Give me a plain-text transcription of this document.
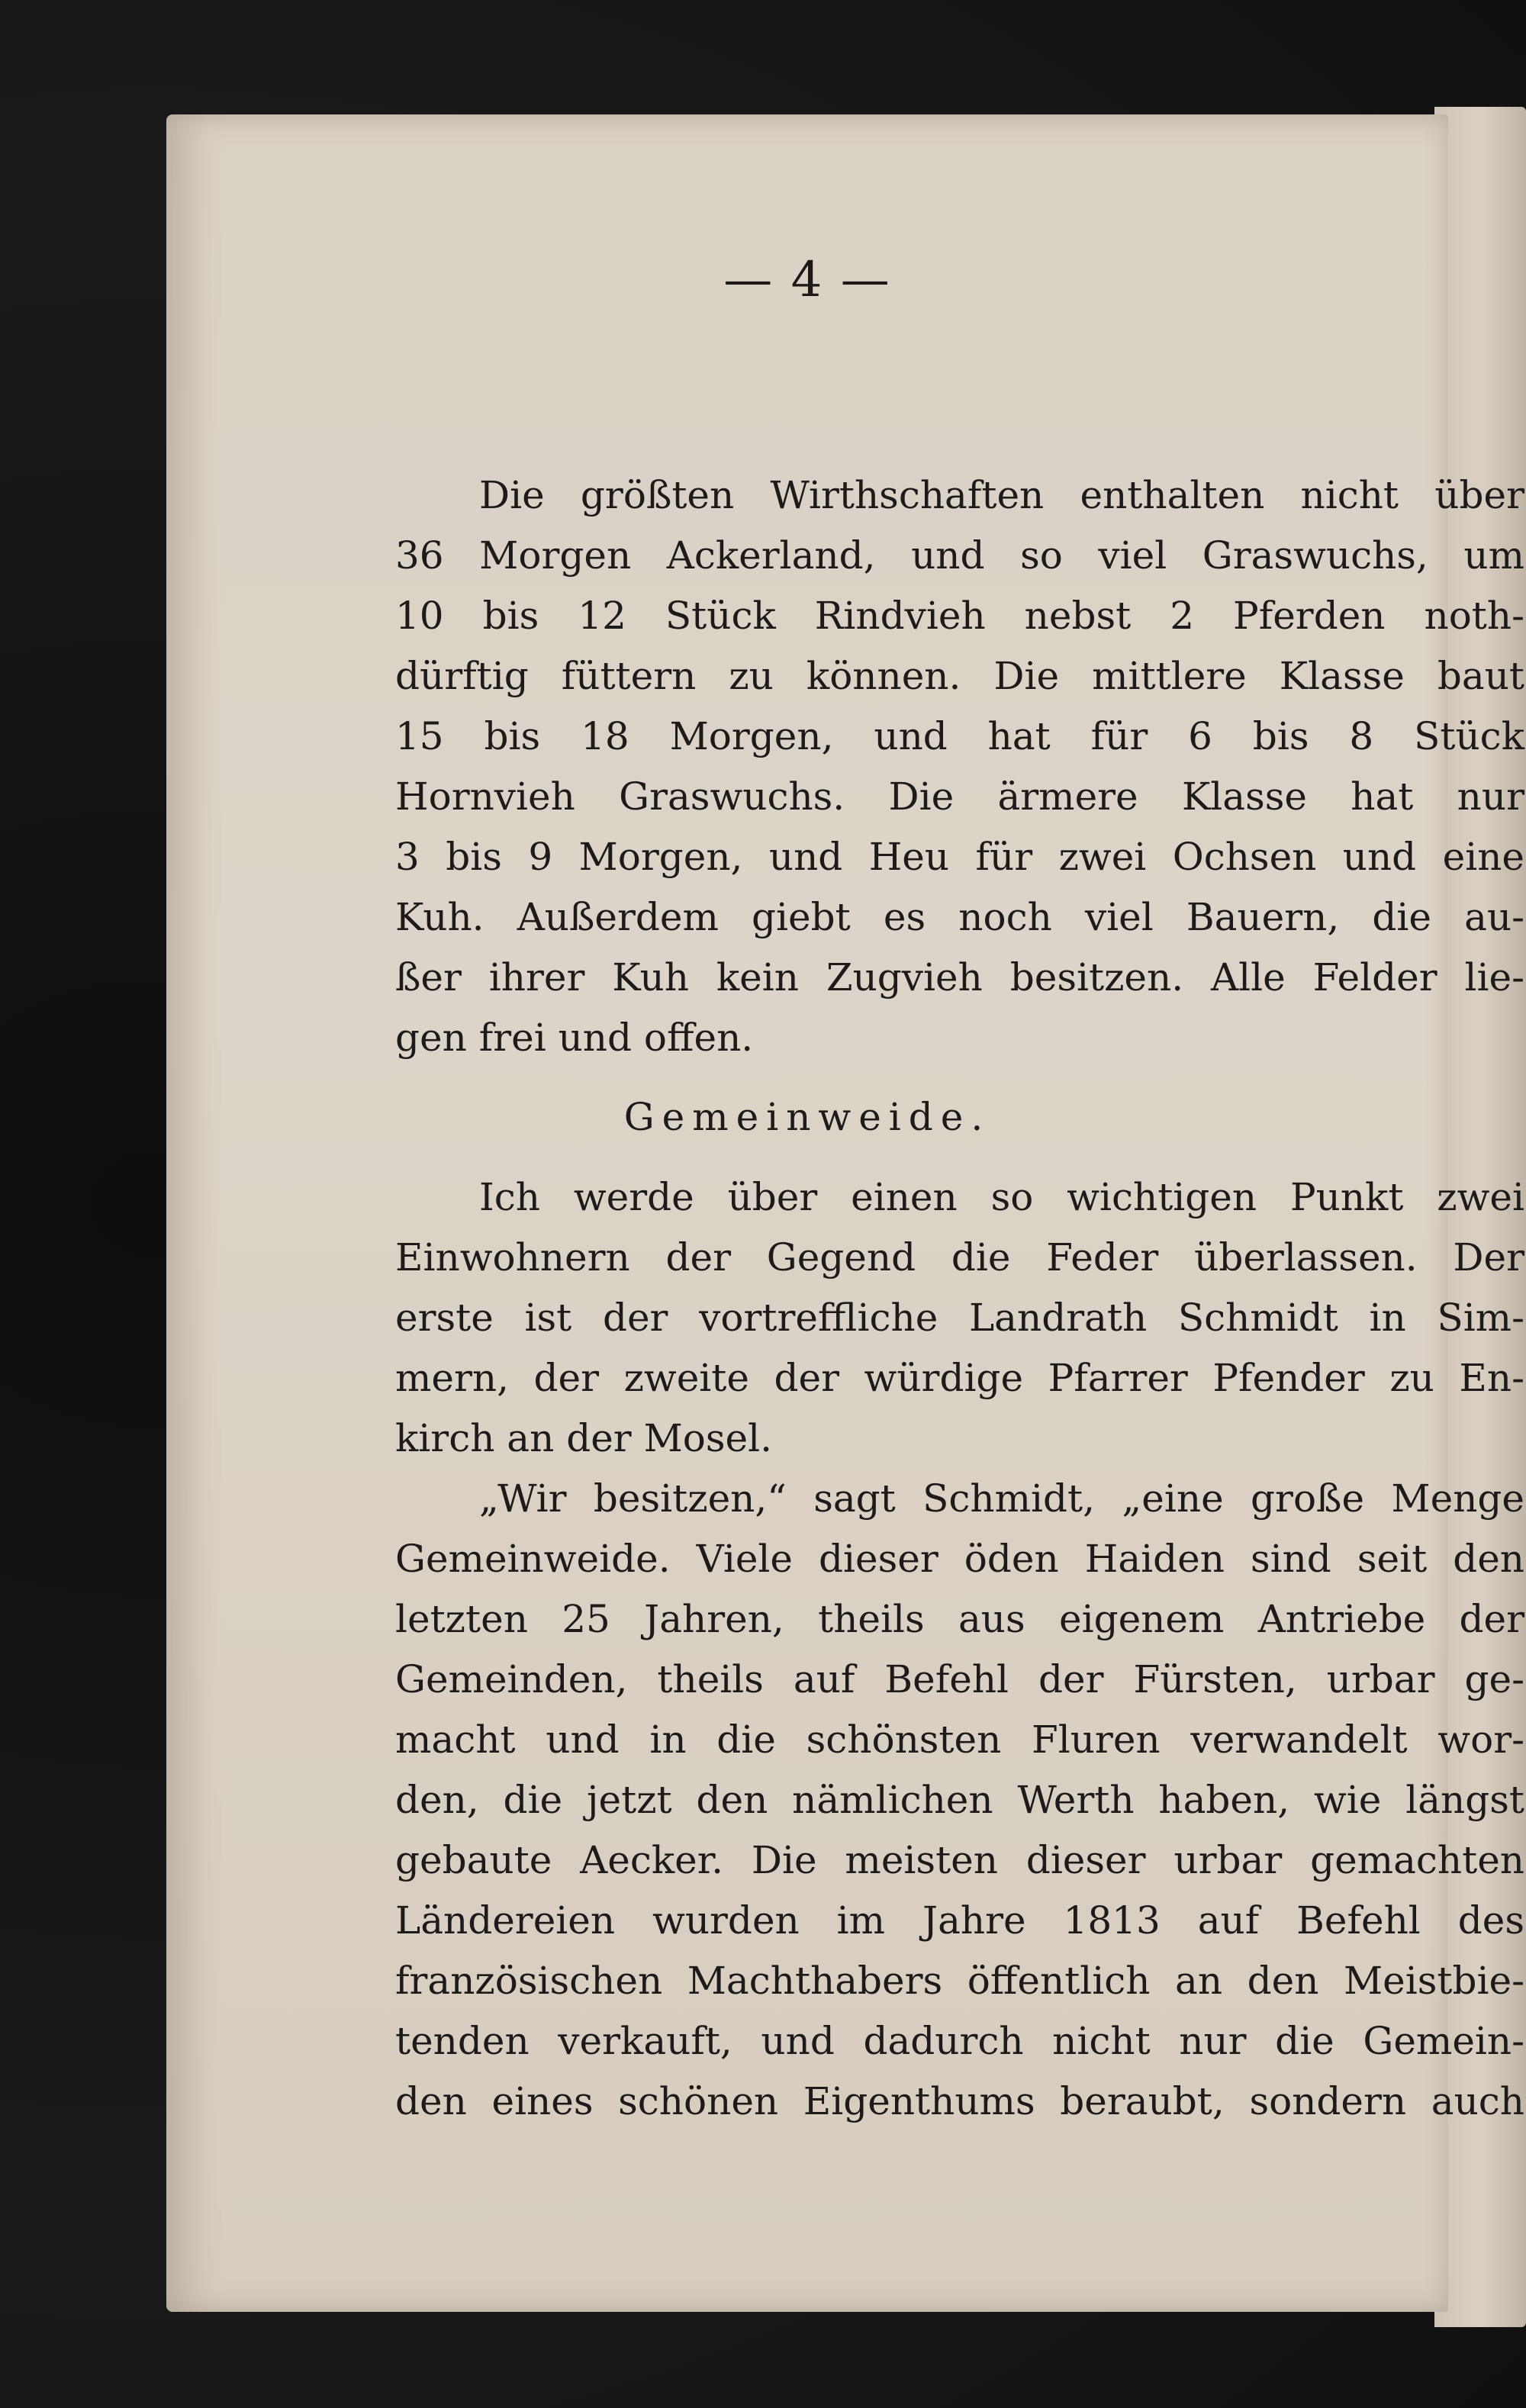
— 4 —
Die größten Wirthschaften enthalten nicht über
36 Morgen Ackerland, und so viel Graswuchs, um
10 bis 12 Stück Rindvieh nebst 2 Pferden noth-
dürftig füttern zu können. Die mittlere Klasse baut
15 bis 18 Morgen, und hat für 6 bis 8 Stück
Hornvieh Graswuchs. Die ärmere Klasse hat nur
3 bis 9 Morgen, und Heu für zwei Ochsen und eine
Kuh. Außerdem giebt es noch viel Bauern, die au-
ßer ihrer Kuh kein Zugvieh besitzen. Alle Felder lie-
gen frei und offen.
Gemeinweide.
Ich werde über einen so wichtigen Punkt zwei
Einwohnern der Gegend die Feder überlassen. Der
erste ist der vortreffliche Landrath Schmidt in Sim-
mern, der zweite der würdige Pfarrer Pfender zu En-
kirch an der Mosel.
„Wir besitzen,“ sagt Schmidt, „eine große Menge
Gemeinweide. Viele dieser öden Haiden sind seit den
letzten 25 Jahren, theils aus eigenem Antriebe der
Gemeinden, theils auf Befehl der Fürsten, urbar ge-
macht und in die schönsten Fluren verwandelt wor-
den, die jetzt den nämlichen Werth haben, wie längst
gebaute Aecker. Die meisten dieser urbar gemachten
Ländereien wurden im Jahre 1813 auf Befehl des
französischen Machthabers öffentlich an den Meistbie-
tenden verkauft, und dadurch nicht nur die Gemein-
den eines schönen Eigenthums beraubt, sondern auch
